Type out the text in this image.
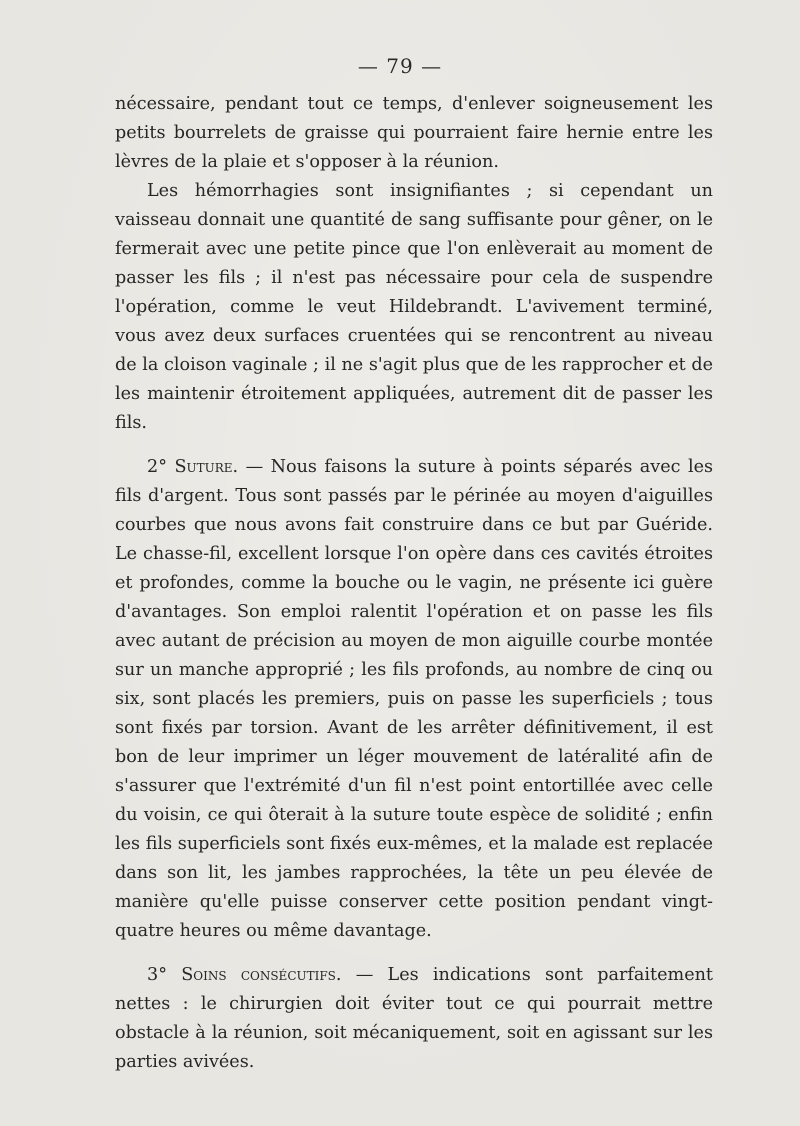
— 79 —

nécessaire, pendant tout ce temps, d'enlever soigneusement les petits bourrelets de graisse qui pourraient faire hernie entre les lèvres de la plaie et s'opposer à la réunion.

Les hémorrhagies sont insignifiantes ; si cependant un vaisseau donnait une quantité de sang suffisante pour gêner, on le fermerait avec une petite pince que l'on enlèverait au moment de passer les fils ; il n'est pas nécessaire pour cela de suspendre l'opération, comme le veut Hildebrandt. L'avivement terminé, vous avez deux surfaces cruentées qui se rencontrent au niveau de la cloison vaginale ; il ne s'agit plus que de les rapprocher et de les maintenir étroitement appliquées, autrement dit de passer les fils.

2° Suture. — Nous faisons la suture à points séparés avec les fils d'argent. Tous sont passés par le périnée au moyen d'aiguilles courbes que nous avons fait construire dans ce but par Guéride. Le chasse-fil, excellent lorsque l'on opère dans ces cavités étroites et profondes, comme la bouche ou le vagin, ne présente ici guère d'avantages. Son emploi ralentit l'opération et on passe les fils avec autant de précision au moyen de mon aiguille courbe montée sur un manche approprié ; les fils profonds, au nombre de cinq ou six, sont placés les premiers, puis on passe les superficiels ; tous sont fixés par torsion. Avant de les arrêter définitivement, il est bon de leur imprimer un léger mouvement de latéralité afin de s'assurer que l'extrémité d'un fil n'est point entortillée avec celle du voisin, ce qui ôterait à la suture toute espèce de solidité ; enfin les fils superficiels sont fixés eux-mêmes, et la malade est replacée dans son lit, les jambes rapprochées, la tête un peu élevée de manière qu'elle puisse conserver cette position pendant vingt-quatre heures ou même davantage.

3° Soins consécutifs. — Les indications sont parfaitement nettes : le chirurgien doit éviter tout ce qui pourrait mettre obstacle à la réunion, soit mécaniquement, soit en agissant sur les parties avivées.
